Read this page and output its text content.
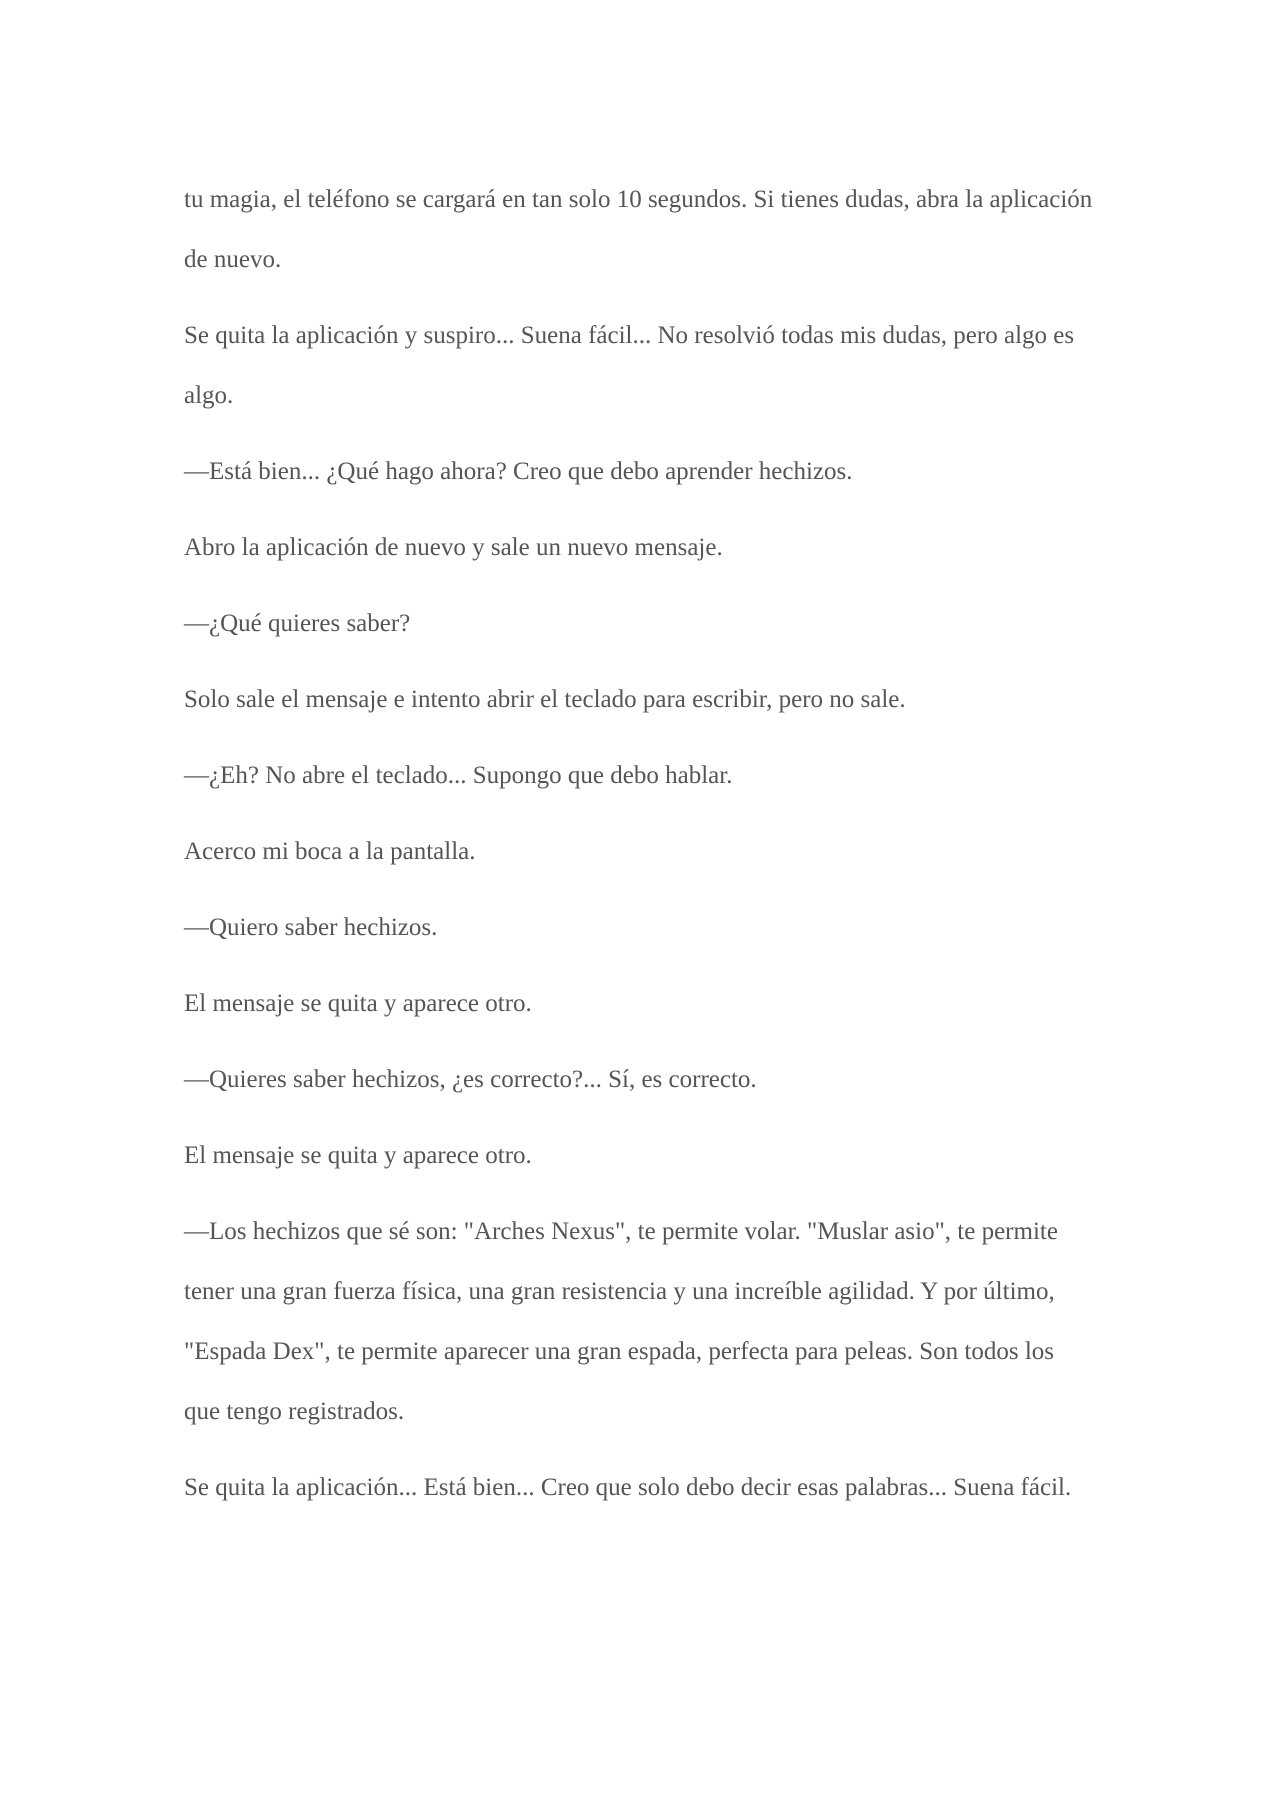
tu magia, el teléfono se cargará en tan solo 10 segundos. Si tienes dudas, abra la aplicación de nuevo.

Se quita la aplicación y suspiro... Suena fácil... No resolvió todas mis dudas, pero algo es algo.

—Está bien... ¿Qué hago ahora? Creo que debo aprender hechizos.

Abro la aplicación de nuevo y sale un nuevo mensaje.

—¿Qué quieres saber?

Solo sale el mensaje e intento abrir el teclado para escribir, pero no sale.

—¿Eh? No abre el teclado... Supongo que debo hablar.

Acerco mi boca a la pantalla.

—Quiero saber hechizos.

El mensaje se quita y aparece otro.

—Quieres saber hechizos, ¿es correcto?... Sí, es correcto.

El mensaje se quita y aparece otro.

—Los hechizos que sé son: "Arches Nexus", te permite volar. "Muslar asio", te permite tener una gran fuerza física, una gran resistencia y una increíble agilidad. Y por último, "Espada Dex", te permite aparecer una gran espada, perfecta para peleas. Son todos los que tengo registrados.

Se quita la aplicación... Está bien... Creo que solo debo decir esas palabras... Suena fácil.
